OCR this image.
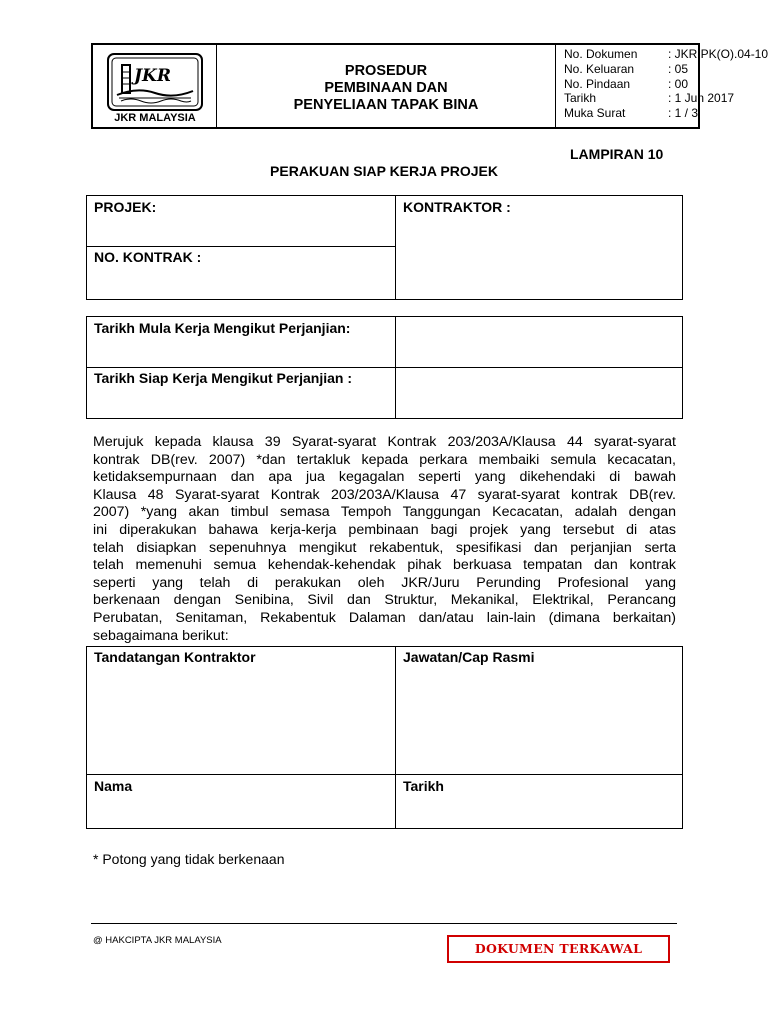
JKR
JKR MALAYSIA
PROSEDUR
PEMBINAAN DAN
PENYELIAAN TAPAK BINA
No. Dokumen	: JKR.PK(O).04-10
No. Keluaran	: 05
No. Pindaan	: 00
Tarikh	: 1 Jun 2017
Muka Surat	: 1 / 3
LAMPIRAN 10
PERAKUAN SIAP KERJA PROJEK
PROJEK:	KONTRAKTOR :
NO. KONTRAK :
Tarikh Mula Kerja Mengikut Perjanjian:
Tarikh Siap Kerja Mengikut Perjanjian :
Merujuk kepada klausa 39 Syarat-syarat Kontrak 203/203A/Klausa 44 syarat-syarat
kontrak DB(rev. 2007) *dan tertakluk kepada perkara membaiki semula kecacatan,
ketidaksempurnaan dan apa jua kegagalan seperti yang dikehendaki di bawah
Klausa 48 Syarat-syarat Kontrak 203/203A/Klausa 47 syarat-syarat kontrak DB(rev.
2007) *yang akan timbul semasa Tempoh Tanggungan Kecacatan, adalah dengan
ini diperakukan bahawa kerja-kerja pembinaan bagi projek yang tersebut di atas
telah disiapkan sepenuhnya mengikut rekabentuk, spesifikasi dan perjanjian serta
telah memenuhi semua kehendak-kehendak pihak berkuasa tempatan dan kontrak
seperti yang telah di perakukan oleh JKR/Juru Perunding Profesional yang
berkenaan dengan Senibina, Sivil dan Struktur, Mekanikal, Elektrikal, Perancang
Perubatan, Senitaman, Rekabentuk Dalaman dan/atau lain-lain (dimana berkaitan)
sebagaimana berikut:
Tandatangan Kontraktor	Jawatan/Cap Rasmi
Nama	Tarikh
* Potong yang tidak berkenaan
@ HAKCIPTA JKR MALAYSIA
DOKUMEN TERKAWAL
